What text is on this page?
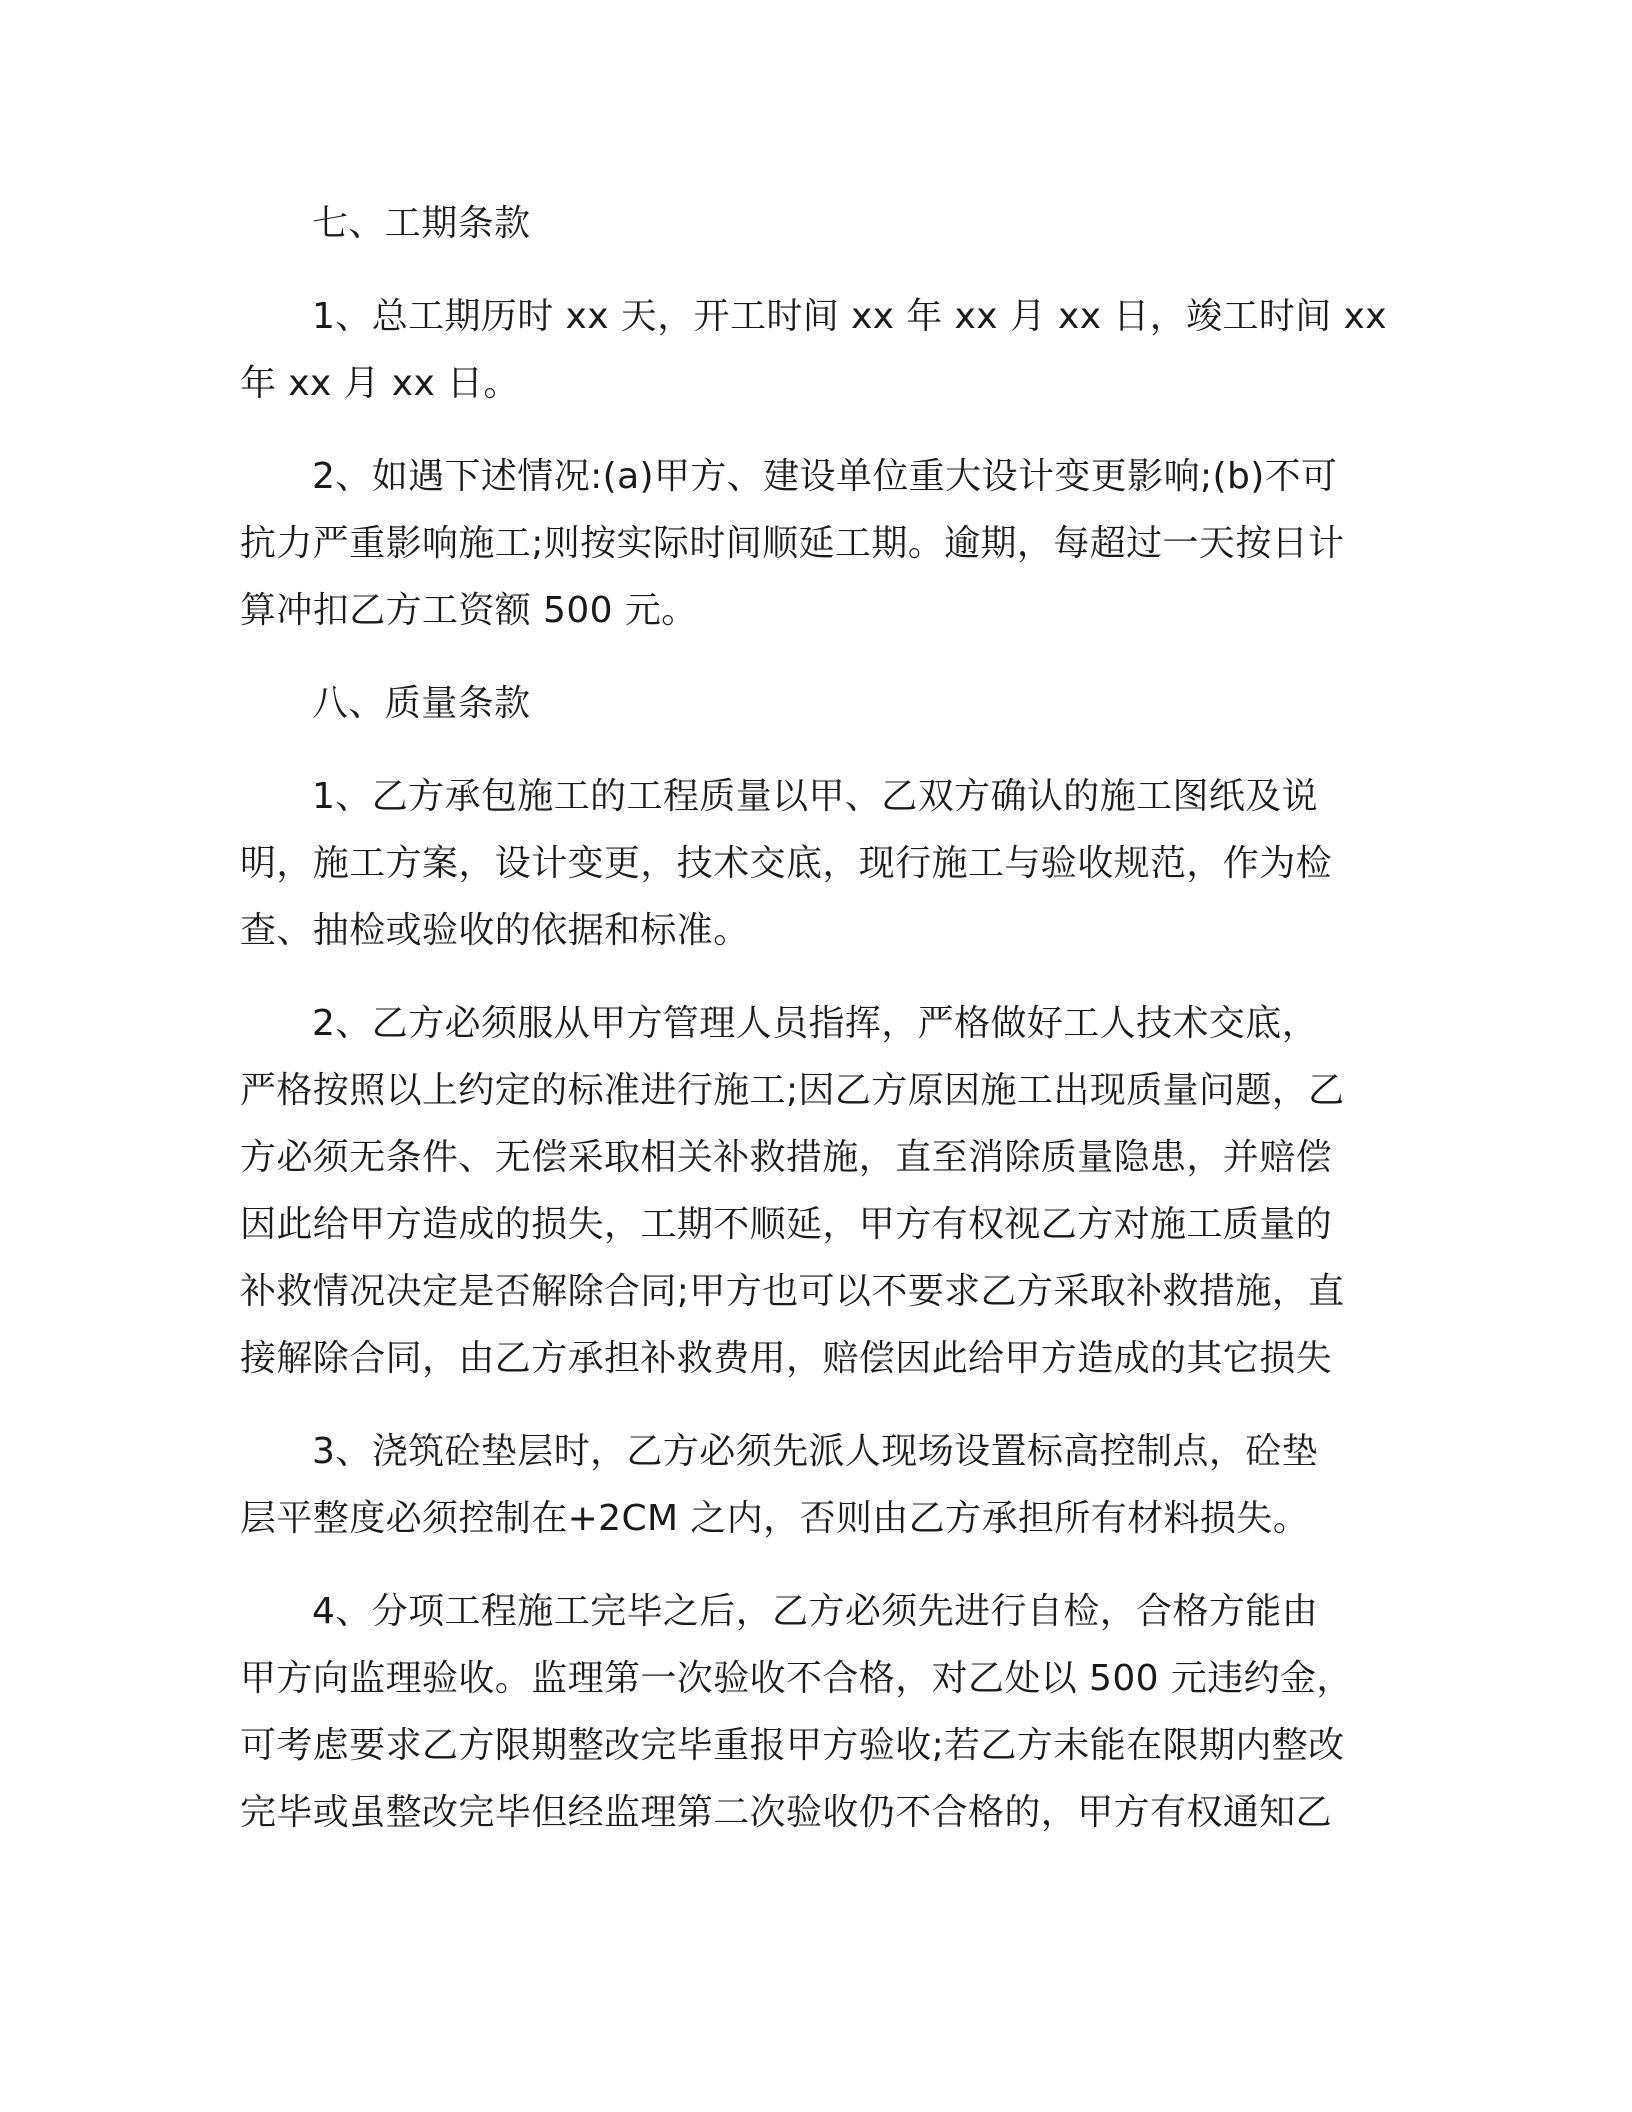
七、工期条款
1、总工期历时 xx 天，开工时间 xx 年 xx 月 xx 日，竣工时间 xx
年 xx 月 xx 日。
2、如遇下述情况:(a)甲方、建设单位重大设计变更影响;(b)不可
抗力严重影响施工;则按实际时间顺延工期。逾期，每超过一天按日计
算冲扣乙方工资额 500 元。
八、质量条款
1、乙方承包施工的工程质量以甲、乙双方确认的施工图纸及说
明，施工方案，设计变更，技术交底，现行施工与验收规范，作为检
查、抽检或验收的依据和标准。
2、乙方必须服从甲方管理人员指挥，严格做好工人技术交底，
严格按照以上约定的标准进行施工;因乙方原因施工出现质量问题，乙
方必须无条件、无偿采取相关补救措施，直至消除质量隐患，并赔偿
因此给甲方造成的损失，工期不顺延，甲方有权视乙方对施工质量的
补救情况决定是否解除合同;甲方也可以不要求乙方采取补救措施，直
接解除合同，由乙方承担补救费用，赔偿因此给甲方造成的其它损失
3、浇筑砼垫层时，乙方必须先派人现场设置标高控制点，砼垫
层平整度必须控制在+2CM 之内，否则由乙方承担所有材料损失。
4、分项工程施工完毕之后，乙方必须先进行自检，合格方能由
甲方向监理验收。监理第一次验收不合格，对乙处以 500 元违约金，
可考虑要求乙方限期整改完毕重报甲方验收;若乙方未能在限期内整改
完毕或虽整改完毕但经监理第二次验收仍不合格的，甲方有权通知乙
